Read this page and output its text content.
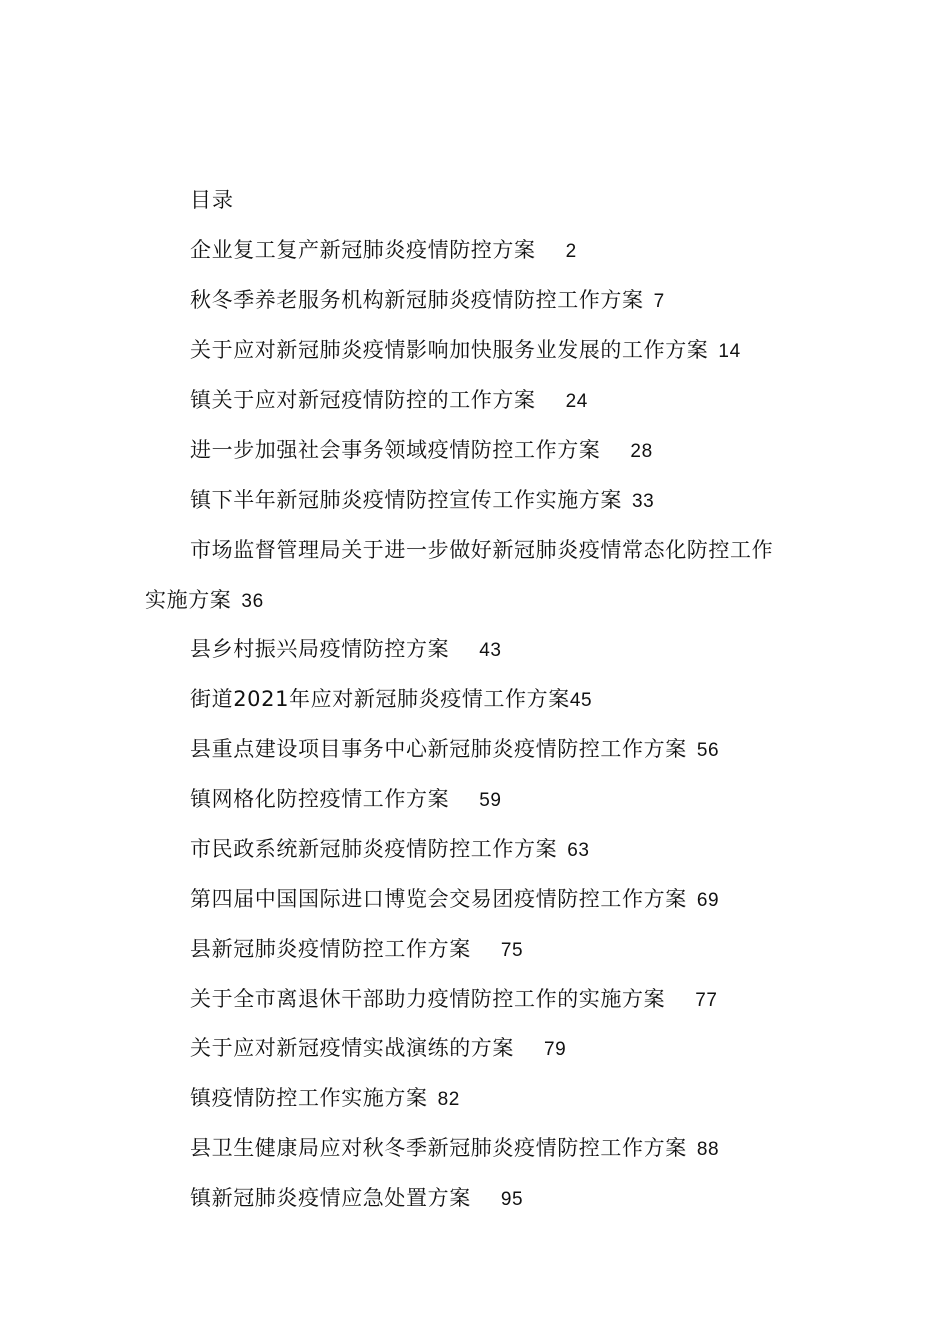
目录
企业复工复产新冠肺炎疫情防控方案 2
秋冬季养老服务机构新冠肺炎疫情防控工作方案 7
关于应对新冠肺炎疫情影响加快服务业发展的工作方案 14
镇关于应对新冠疫情防控的工作方案 24
进一步加强社会事务领域疫情防控工作方案 28
镇下半年新冠肺炎疫情防控宣传工作实施方案 33
市场监督管理局关于进一步做好新冠肺炎疫情常态化防控工作
实施方案 36
县乡村振兴局疫情防控方案 43
街道2021年应对新冠肺炎疫情工作方案45
县重点建设项目事务中心新冠肺炎疫情防控工作方案 56
镇网格化防控疫情工作方案 59
市民政系统新冠肺炎疫情防控工作方案 63
第四届中国国际进口博览会交易团疫情防控工作方案 69
县新冠肺炎疫情防控工作方案 75
关于全市离退休干部助力疫情防控工作的实施方案 77
关于应对新冠疫情实战演练的方案 79
镇疫情防控工作实施方案 82
县卫生健康局应对秋冬季新冠肺炎疫情防控工作方案 88
镇新冠肺炎疫情应急处置方案 95
